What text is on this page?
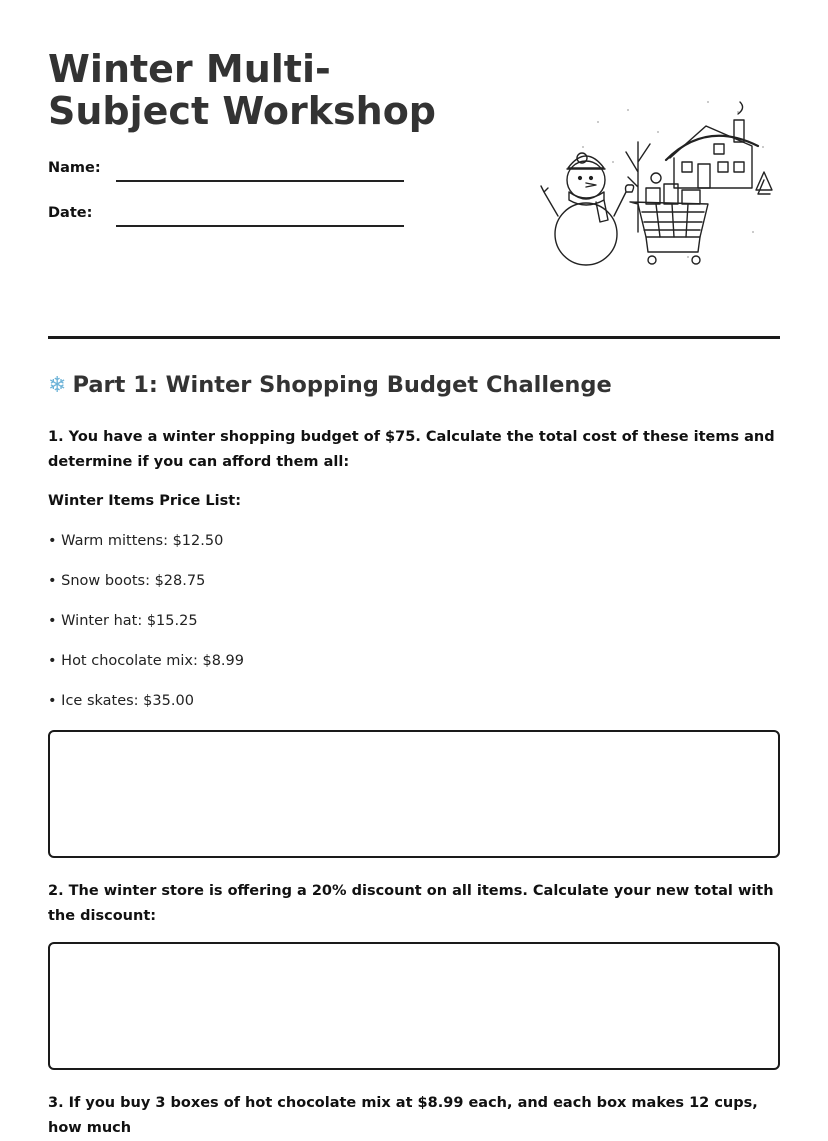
Winter Multi-Subject Workshop
Name:
Date:
❄ Part 1: Winter Shopping Budget Challenge

1. You have a winter shopping budget of $75. Calculate the total cost of these items and determine if you can afford them all:

Winter Items Price List:
• Warm mittens: $12.50
• Snow boots: $28.75
• Winter hat: $15.25
• Hot chocolate mix: $8.99
• Ice skates: $35.00

2. The winter store is offering a 20% discount on all items. Calculate your new total with the discount:

3. If you buy 3 boxes of hot chocolate mix at $8.99 each, and each box makes 12 cups, how much
